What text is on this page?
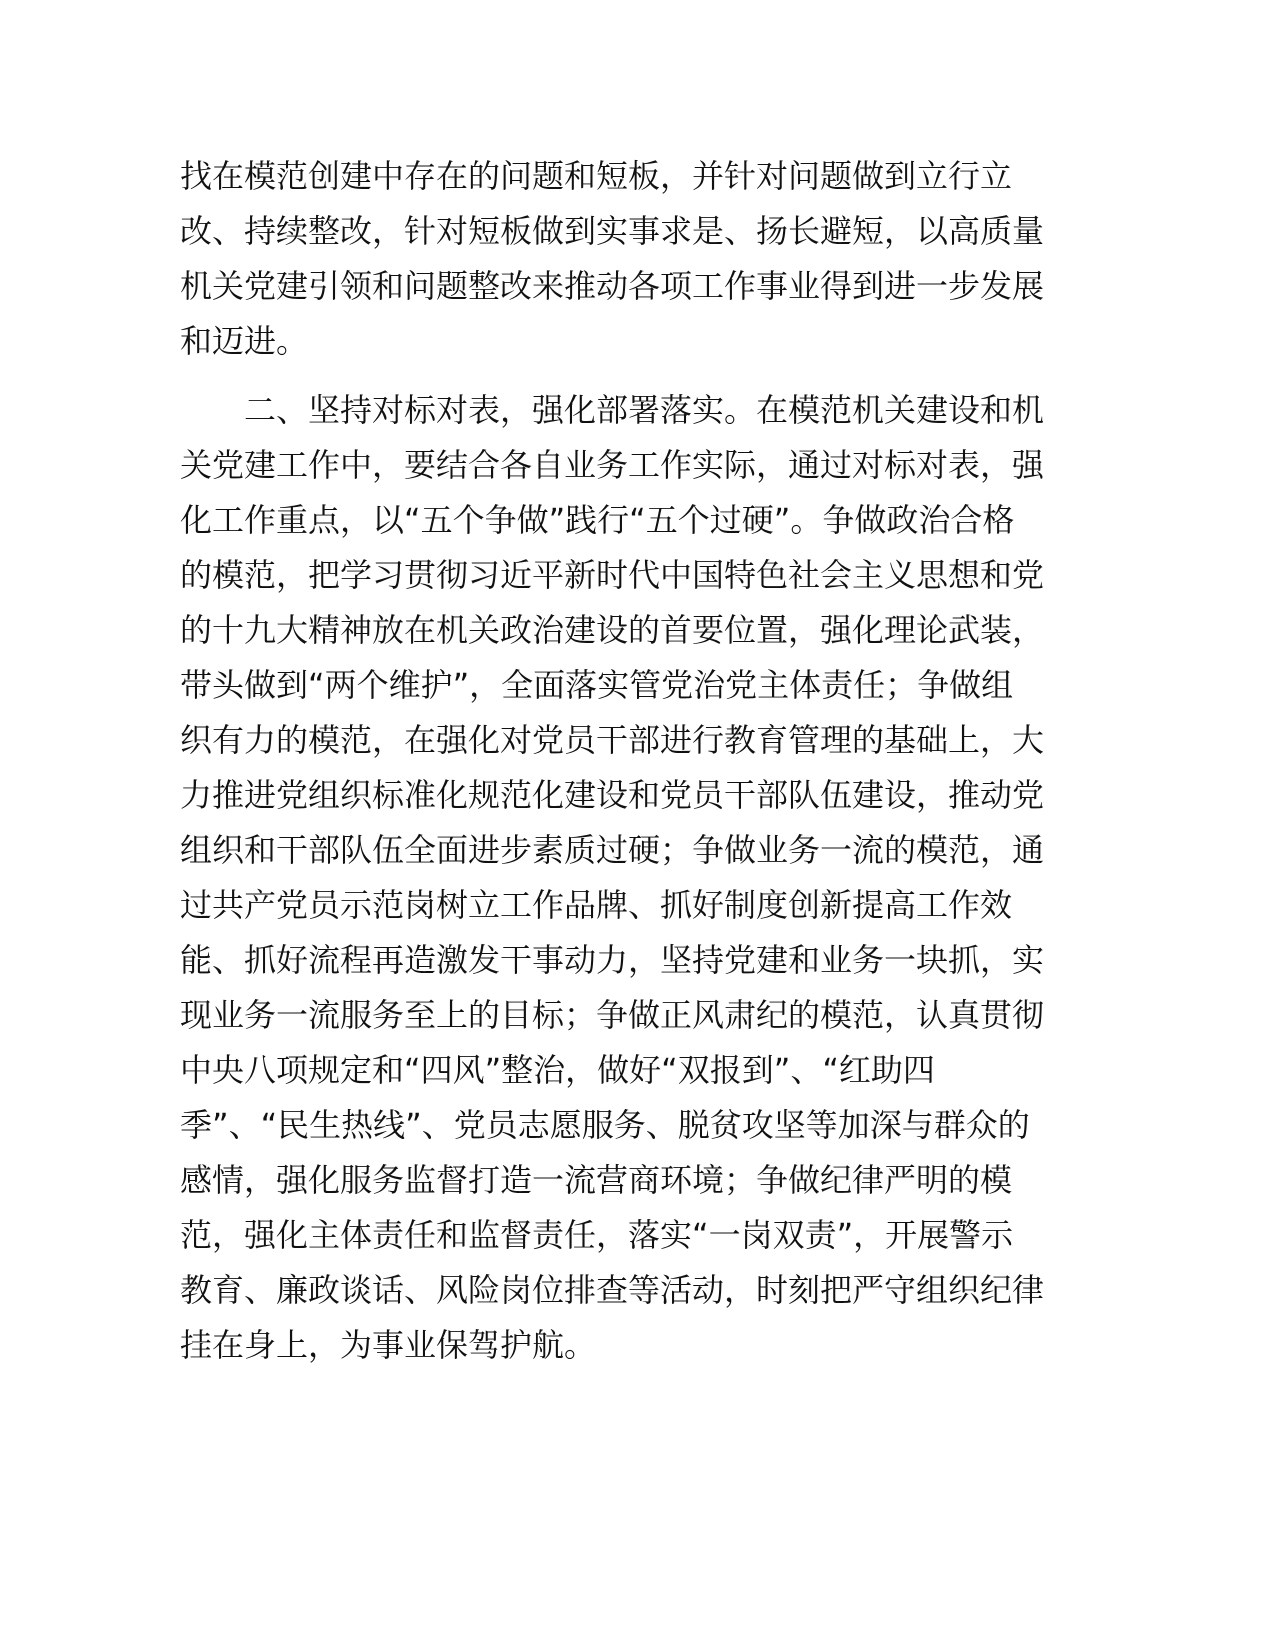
找在模范创建中存在的问题和短板，并针对问题做到立行立
改、持续整改，针对短板做到实事求是、扬长避短，以高质量
机关党建引领和问题整改来推动各项工作事业得到进一步发展
和迈进。
二、坚持对标对表，强化部署落实。在模范机关建设和机
关党建工作中，要结合各自业务工作实际，通过对标对表，强
化工作重点，以“五个争做”践行“五个过硬”。争做政治合格
的模范，把学习贯彻习近平新时代中国特色社会主义思想和党
的十九大精神放在机关政治建设的首要位置，强化理论武装，
带头做到“两个维护”，全面落实管党治党主体责任；争做组
织有力的模范，在强化对党员干部进行教育管理的基础上，大
力推进党组织标准化规范化建设和党员干部队伍建设，推动党
组织和干部队伍全面进步素质过硬；争做业务一流的模范，通
过共产党员示范岗树立工作品牌、抓好制度创新提高工作效
能、抓好流程再造激发干事动力，坚持党建和业务一块抓，实
现业务一流服务至上的目标；争做正风肃纪的模范，认真贯彻
中央八项规定和“四风”整治，做好“双报到”、“红助四
季”、“民生热线”、党员志愿服务、脱贫攻坚等加深与群众的
感情，强化服务监督打造一流营商环境；争做纪律严明的模
范，强化主体责任和监督责任，落实“一岗双责”，开展警示
教育、廉政谈话、风险岗位排查等活动，时刻把严守组织纪律
挂在身上，为事业保驾护航。
